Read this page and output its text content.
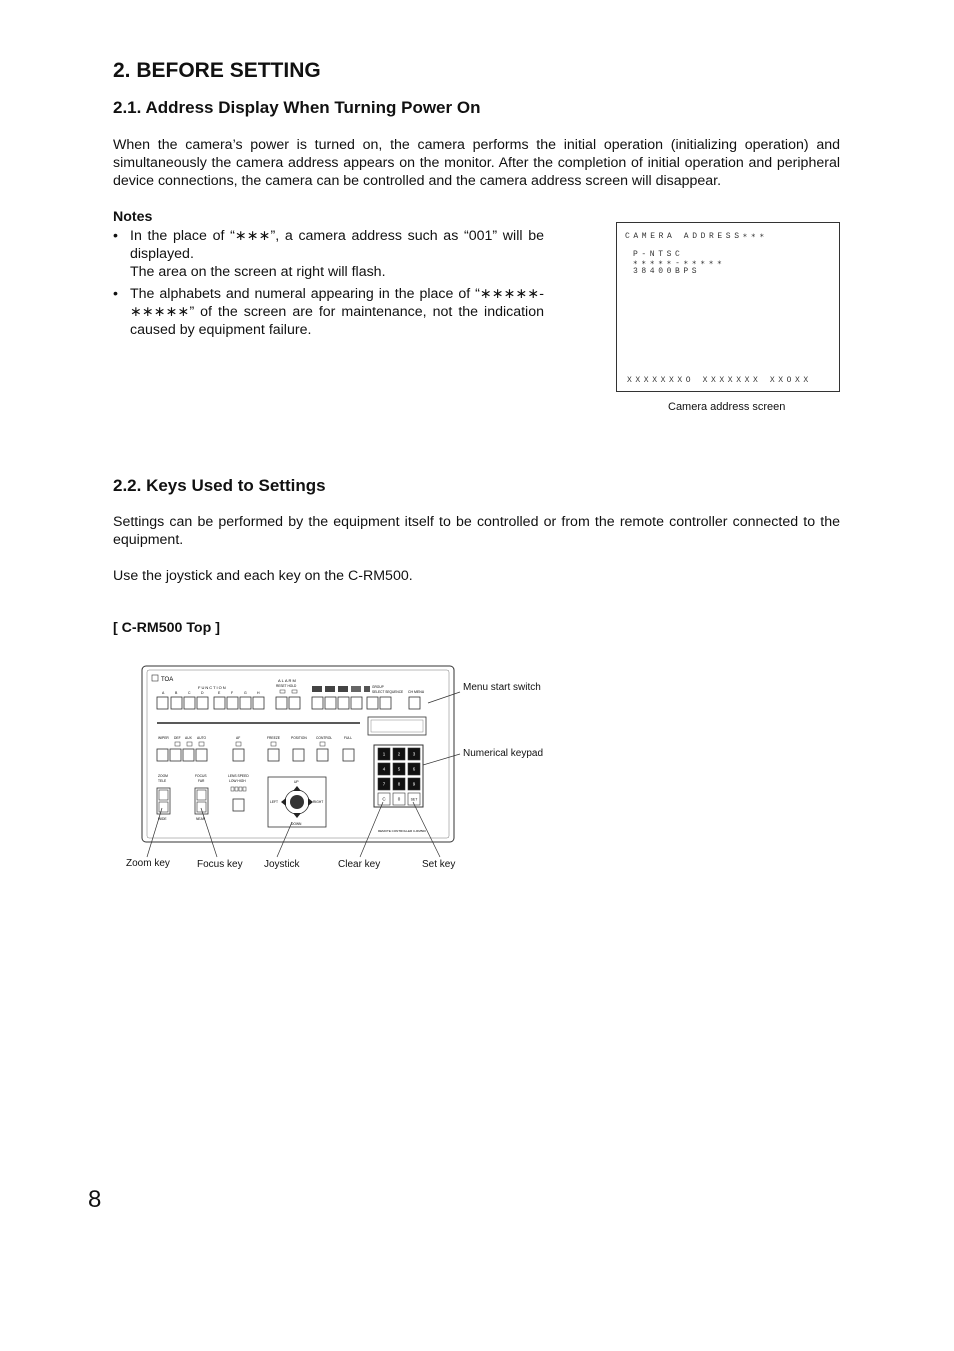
2. BEFORE SETTING
2.1. Address Display When Turning Power On

When the camera’s power is turned on, the camera performs the initial operation (initializing operation) and simultaneously the camera address appears on the monitor. After the completion of initial operation and peripheral device connections, the camera can be controlled and the camera address screen will disappear.

Notes
• In the place of “∗∗∗”, a camera address such as “001” will be displayed.
The area on the screen at right will flash.
• The alphabets and numeral appearing in the place of “∗∗∗∗∗-∗∗∗∗∗” of the screen are for maintenance, not the indication caused by equipment failure.
CAMERA ADDRESS∗∗∗
P-NTSC
∗∗∗∗∗-∗∗∗∗∗
38400BPS
XXXXXXXO XXXXXXX XXOXX
Camera address screen
2.2. Keys Used to Settings

Settings can be performed by the equipment itself to be controlled or from the remote controller connected to the equipment.

Use the joystick and each key on the C-RM500.

[ C-RM500 Top ]
TOA
FUNCTION
A	B	C	D	E	F	G	H
ALARM
RESET HOLD	GROUP
SELECT SEQUENCE CH MENU
WIPER DEF AUX AUTO	AF	FREEZE	POSITION	CONTROL	FULL
ZOOM
TELE
WIDE
FOCUS
FAR
NEAR
LENS SPEED
LOW HIGH	UP
DOWN
LEFT	RIGHT
1	2	3
4	5	6
7	8	9
C	0	SET
REMOTE CONTROLLER C-RM500
Menu start switch
Numerical keypad
Zoom key	Focus key Joystick	Clear key	Set key
8
